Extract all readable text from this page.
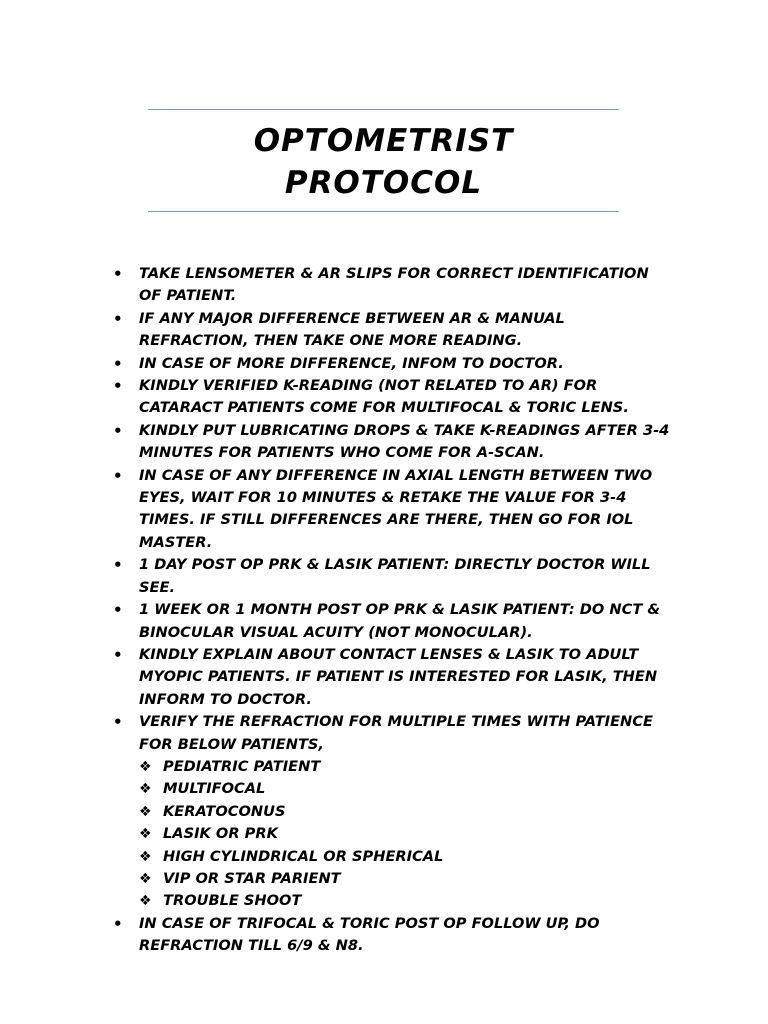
OPTOMETRIST
PROTOCOL
• TAKE LENSOMETER & AR SLIPS FOR CORRECT IDENTIFICATION OF PATIENT.
• IF ANY MAJOR DIFFERENCE BETWEEN AR & MANUAL REFRACTION, THEN TAKE ONE MORE READING.
• IN CASE OF MORE DIFFERENCE, INFOM TO DOCTOR.
• KINDLY VERIFIED K-READING (NOT RELATED TO AR) FOR CATARACT PATIENTS COME FOR MULTIFOCAL & TORIC LENS.
• KINDLY PUT LUBRICATING DROPS & TAKE K-READINGS AFTER 3-4 MINUTES FOR PATIENTS WHO COME FOR A-SCAN.
• IN CASE OF ANY DIFFERENCE IN AXIAL LENGTH BETWEEN TWO EYES, WAIT FOR 10 MINUTES & RETAKE THE VALUE FOR 3-4 TIMES. IF STILL DIFFERENCES ARE THERE, THEN GO FOR IOL MASTER.
• 1 DAY POST OP PRK & LASIK PATIENT: DIRECTLY DOCTOR WILL SEE.
• 1 WEEK OR 1 MONTH POST OP PRK & LASIK PATIENT: DO NCT & BINOCULAR VISUAL ACUITY (NOT MONOCULAR).
• KINDLY EXPLAIN ABOUT CONTACT LENSES & LASIK TO ADULT MYOPIC PATIENTS. IF PATIENT IS INTERESTED FOR LASIK, THEN INFORM TO DOCTOR.
• VERIFY THE REFRACTION FOR MULTIPLE TIMES WITH PATIENCE FOR BELOW PATIENTS,
❖ PEDIATRIC PATIENT
❖ MULTIFOCAL
❖ KERATOCONUS
❖ LASIK OR PRK
❖ HIGH CYLINDRICAL OR SPHERICAL
❖ VIP OR STAR PARIENT
❖ TROUBLE SHOOT
• IN CASE OF TRIFOCAL & TORIC POST OP FOLLOW UP, DO REFRACTION TILL 6/9 & N8.
